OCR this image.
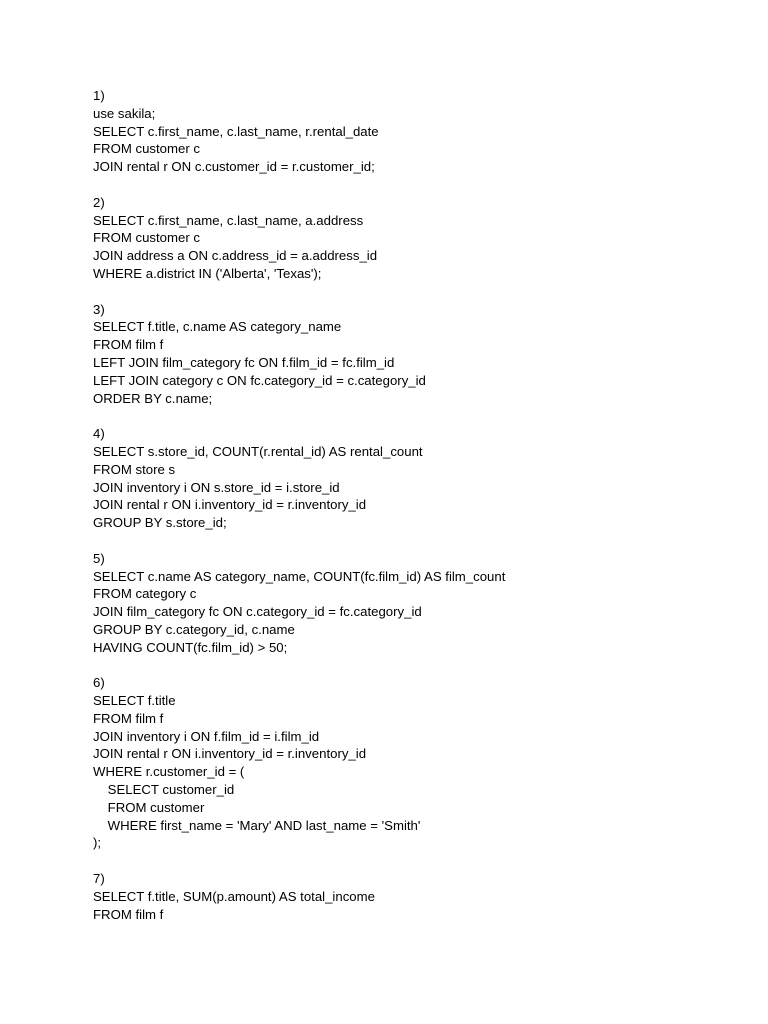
1)
use sakila;
SELECT c.first_name, c.last_name, r.rental_date
FROM customer c
JOIN rental r ON c.customer_id = r.customer_id;
2)
SELECT c.first_name, c.last_name, a.address
FROM customer c
JOIN address a ON c.address_id = a.address_id
WHERE a.district IN ('Alberta', 'Texas');
3)
SELECT f.title, c.name AS category_name
FROM film f
LEFT JOIN film_category fc ON f.film_id = fc.film_id
LEFT JOIN category c ON fc.category_id = c.category_id
ORDER BY c.name;
4)
SELECT s.store_id, COUNT(r.rental_id) AS rental_count
FROM store s
JOIN inventory i ON s.store_id = i.store_id
JOIN rental r ON i.inventory_id = r.inventory_id
GROUP BY s.store_id;
5)
SELECT c.name AS category_name, COUNT(fc.film_id) AS film_count
FROM category c
JOIN film_category fc ON c.category_id = fc.category_id
GROUP BY c.category_id, c.name
HAVING COUNT(fc.film_id) > 50;
6)
SELECT f.title
FROM film f
JOIN inventory i ON f.film_id = i.film_id
JOIN rental r ON i.inventory_id = r.inventory_id
WHERE r.customer_id = (
SELECT customer_id
FROM customer
WHERE first_name = 'Mary' AND last_name = 'Smith'
);
7)
SELECT f.title, SUM(p.amount) AS total_income
FROM film f
